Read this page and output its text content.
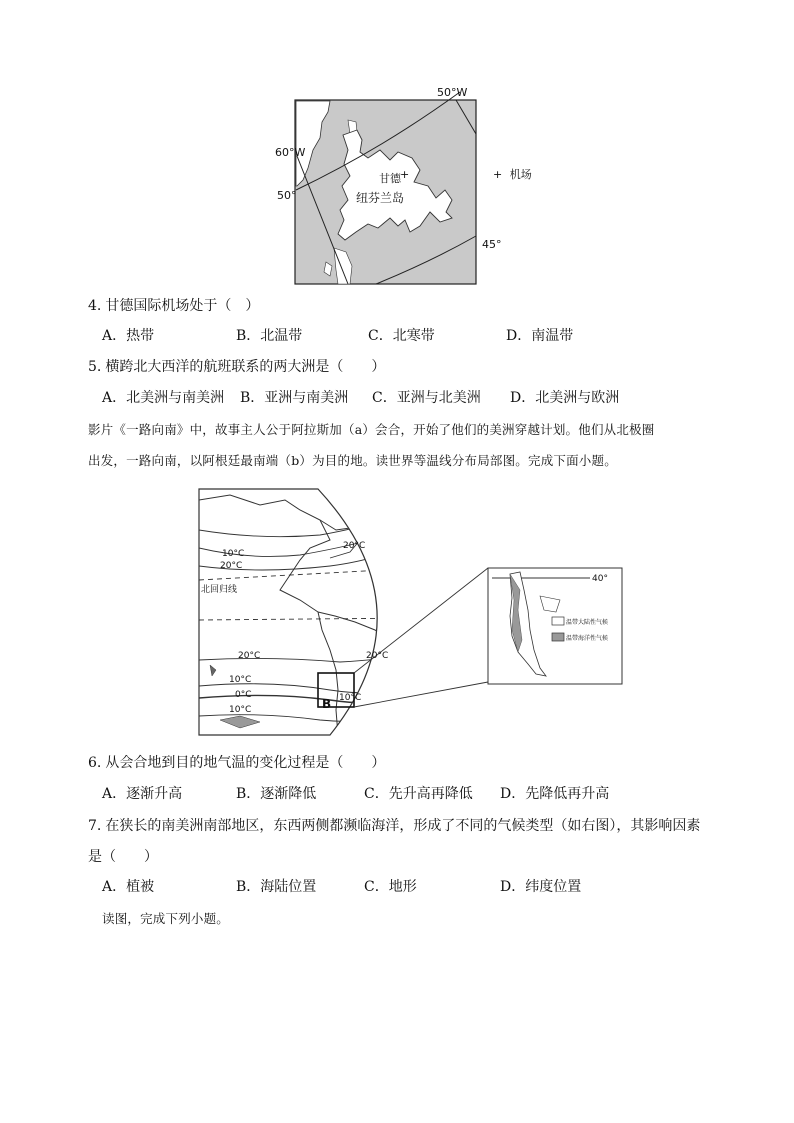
+
50°W
60°W
50°
45°
甘德
纽芬兰岛
+ 机场
4. 甘德国际机场处于（　）
A．热带	B．北温带	C．北寒带	D．南温带
5. 横跨北大西洋的航班联系的两大洲是（　　）
A．北美洲与南美洲 B．亚洲与南美洲 C．亚洲与北美洲 D．北美洲与欧洲
影片《一路向南》中，故事主人公于阿拉斯加（a）会合，开始了他们的美洲穿越计划。他们从北极圈
出发，一路向南，以阿根廷最南端（b）为目的地。读世界等温线分布局部图。完成下面小题。
10°C
20°C
20°C
北回归线
20°C	20°C
10°C
0°C
10°C
10°C
B
40°
温带大陆性气候
温带海洋性气候
6. 从会合地到目的地气温的变化过程是（　　）
A．逐渐升高	B．逐渐降低	C．先升高再降低 D．先降低再升高
7. 在狭长的南美洲南部地区，东西两侧都濒临海洋，形成了不同的气候类型（如右图），其影响因素
是（　　）
A．植被	B．海陆位置	C．地形	D．纬度位置
读图，完成下列小题。
